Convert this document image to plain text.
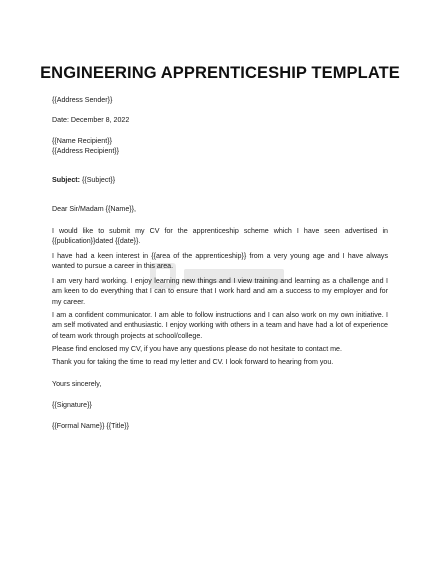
ENGINEERING APPRENTICESHIP TEMPLATE
{{Address Sender}}
Date: December 8, 2022
{{Name Recipient}}
{{Address Recipient}}
Subject: {{Subject}}
Dear Sir/Madam {{Name}},
I would like to submit my CV for the apprenticeship scheme which I have seen advertised in {{publication}}dated {{date}}.
I have had a keen interest in {{area of the apprenticeship}} from a very young age and I have always wanted to pursue a career in this area.
I am very hard working. I enjoy learning new things and I view training and learning as a challenge and I am keen to do everything that I can to ensure that I work hard and am a success to my employer and for my career.
I am a confident communicator. I am able to follow instructions and I can also work on my own initiative. I am self motivated and enthusiastic. I enjoy working with others in a team and have had a lot of experience of team work through projects at school/college.
Please find enclosed my CV, if you have any questions please do not hesitate to contact me.
Thank you for taking the time to read my letter and CV. I look forward to hearing from you.
Yours sincerely,
{{Signature}}
{{Formal Name}} {{Title}}
